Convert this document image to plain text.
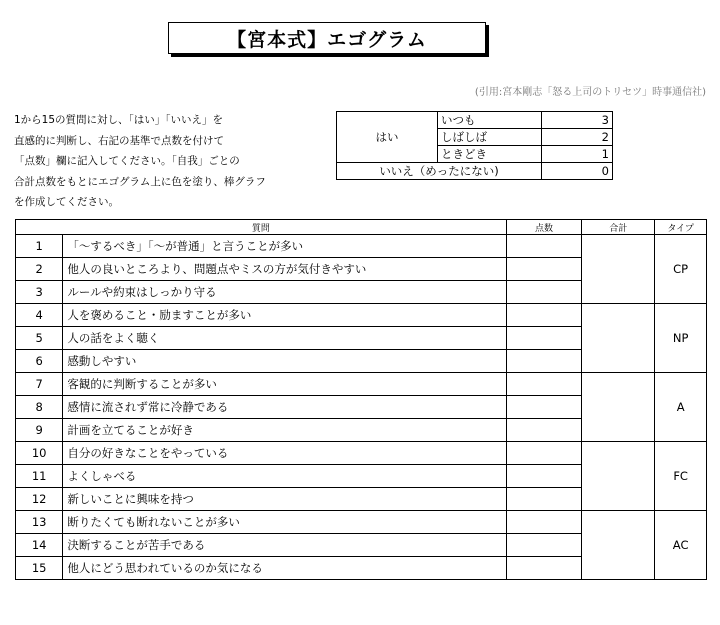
【宮本式】エゴグラム
(引用:宮本剛志「怒る上司のトリセツ」時事通信社)
1から15の質問に対し、「はい」「いいえ」を
直感的に判断し、右記の基準で点数を付けて
「点数」欄に記入してください。「自我」ごとの
合計点数をもとにエゴグラム上に色を塗り、棒グラフ
を作成してください。
はい	いつも	3
	しばしば	2
	ときどき	1
いいえ（めったにない)		0
質問		点数	合計	タイプ
1	「～するべき」「～が普通」と言うことが多い			CP
2	他人の良いところより、問題点やミスの方が気付きやすい			
3	ルールや約束はしっかり守る			
4	人を褒めること・励ますことが多い			NP
5	人の話をよく聴く			
6	感動しやすい			
7	客観的に判断することが多い			A
8	感情に流されず常に冷静である			
9	計画を立てることが好き			
10	自分の好きなことをやっている			FC
11	よくしゃべる			
12	新しいことに興味を持つ			
13	断りたくても断れないことが多い			AC
14	決断することが苦手である			
15	他人にどう思われているのか気になる			
